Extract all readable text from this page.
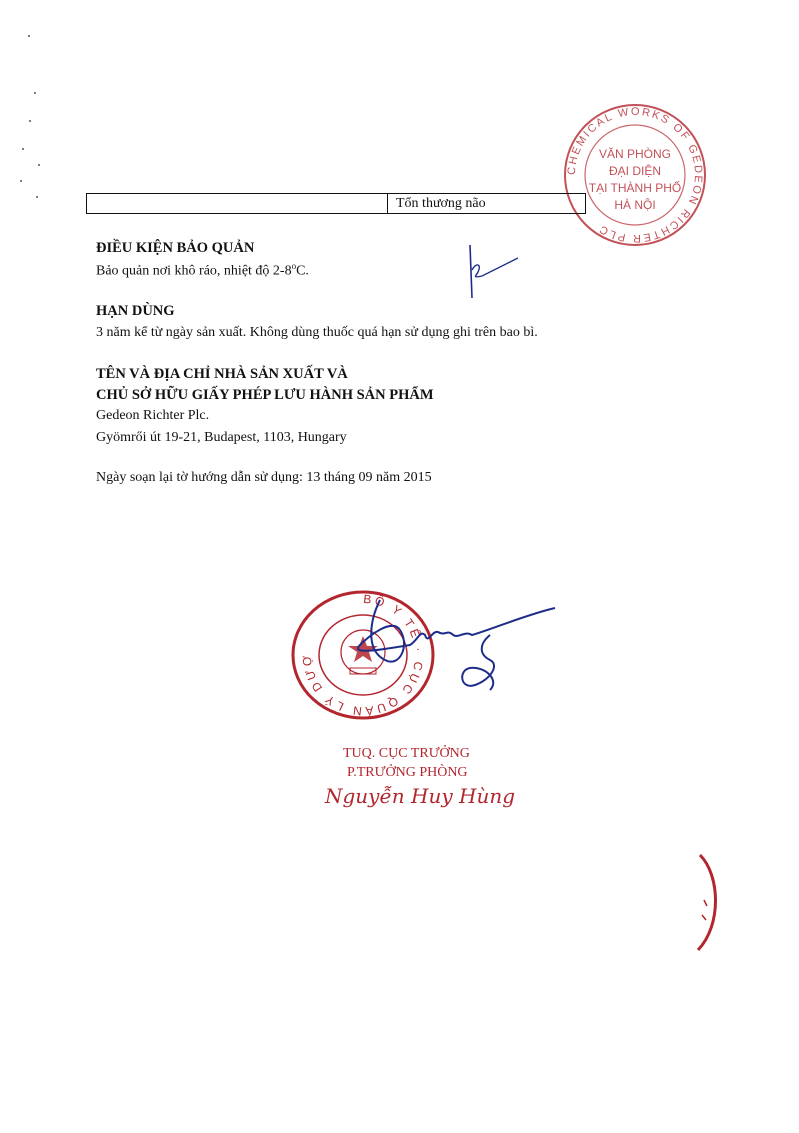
CHEMICAL WORKS OF GEDEON RICHTER PLC
VĂN PHÒNG
ĐẠI DIỆN
TẠI THÀNH PHỐ
HÀ NỘI
Tổn thương não
ĐIỀU KIỆN BẢO QUẢN
Bảo quản nơi khô ráo, nhiệt độ 2-8$^o$C.
HẠN DÙNG
3 năm kể từ ngày sản xuất. Không dùng thuốc quá hạn sử dụng ghi trên bao bì.
TÊN VÀ ĐỊA CHỈ NHÀ SẢN XUẤT VÀ
CHỦ SỞ HỮU GIẤY PHÉP LƯU HÀNH SẢN PHẨM
Gedeon Richter Plc.
Gyömrői út 19-21, Budapest, 1103, Hungary
Ngày soạn lại tờ hướng dẫn sử dụng: 13 tháng 09 năm 2015
BỘ Y TẾ · CỤC QUẢN LÝ DƯỢC
TUQ. CỤC TRƯỞNG
P.TRƯỞNG PHÒNG
Nguyễn Huy Hùng
